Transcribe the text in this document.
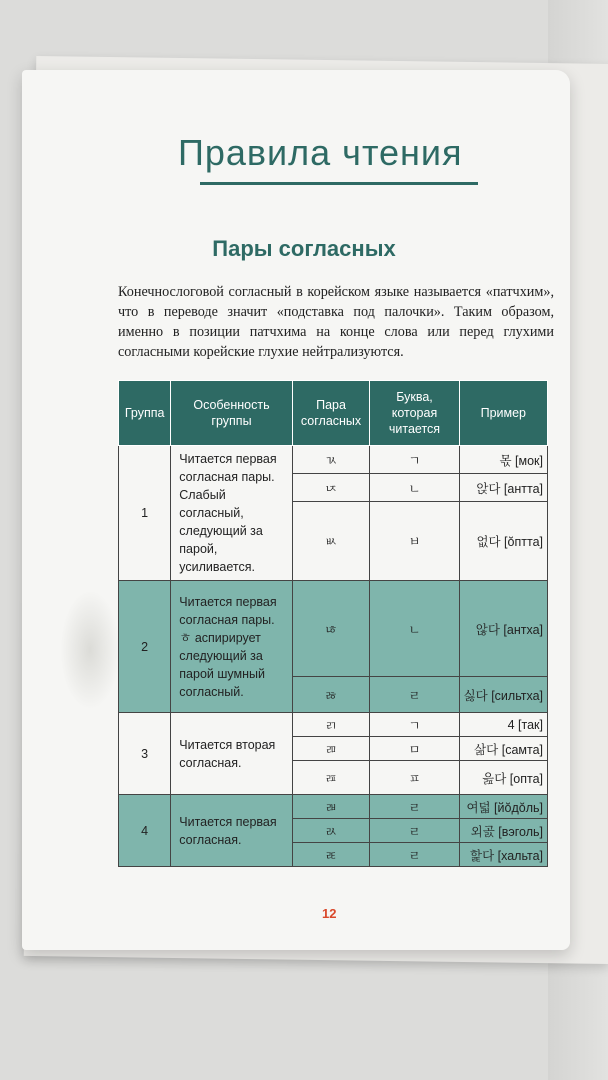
Правила чтения
Пары согласных
Конечнослоговой согласный в корейском языке называется «патчхим», что в переводе значит «подставка под палочки». Таким образом, именно в позиции патчхима на конце слова или перед глухими согласными корейские глухие нейтрализуются.
Группа	Особенность группы	Пара согласных	Буква, которая читается	Пример
1	Читается первая согласная пары. Слабый согласный, следующий за парой, усиливается.	ㄳ	ㄱ	몫 [мок]
		ㄵ	ㄴ	앉다 [антта]
		ㅄ	ㅂ	없다 [ŏптта]
2	Читается первая согласная пары. ㅎ аспирирует следующий за парой шумный согласный.	ㄶ	ㄴ	않다 [антха]
		ㅀ	ㄹ	싫다 [сильтха]
3	Читается вторая согласная.	ㄺ	ㄱ	4 [так]
		ㄻ	ㅁ	삶다 [самта]
		ㄿ	ㅍ	읊다 [опта]
4	Читается первая согласная.	ㄼ	ㄹ	여덟 [йŏдŏль]
		ㄽ	ㄹ	외곬 [вэголь]
		ㄾ	ㄹ	핥다 [хальта]
12
